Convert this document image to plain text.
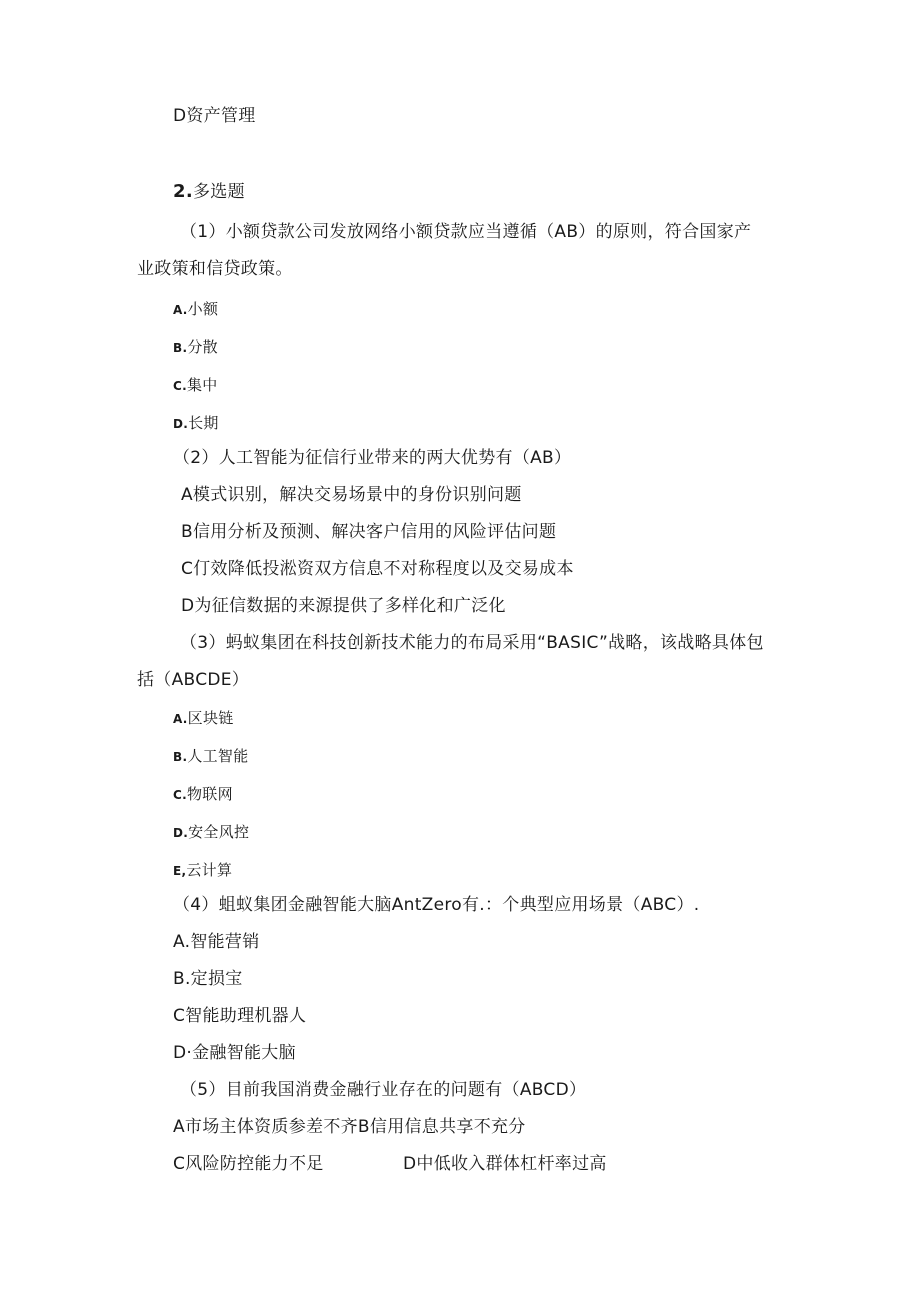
D资产管理
2.多选题
（1）小额贷款公司发放网络小额贷款应当遵循（AB）的原则，符合国家产
业政策和信贷政策。
A.小额
B.分散
C.集中
D.长期
（2）人工智能为征信行业带来的两大优势有（AB）
A模式识别，解决交易场景中的身份识别问题
B信用分析及预测、解决客户信用的风险评估问题
C仃效降低投淞资双方信息不对称程度以及交易成本
D为征信数据的来源提供了多样化和广泛化
（3）蚂蚁集团在科技创新技术能力的布局采用“BASIC”战略，该战略具体包
括（ABCDE）
A.区块链
B.人工智能
C.物联网
D.安全风控
E,云计算
（4）蛆蚁集团金融智能大脑AntZero有.：个典型应用场景（ABC）.
A.智能营销
B.定损宝
C智能助理机器人
D·金融智能大脑
（5）目前我国消费金融行业存在的问题有（ABCD）
A市场主体资质参差不齐B信用信息共享不充分
C风险防控能力不足	D中低收入群体杠杆率过高
